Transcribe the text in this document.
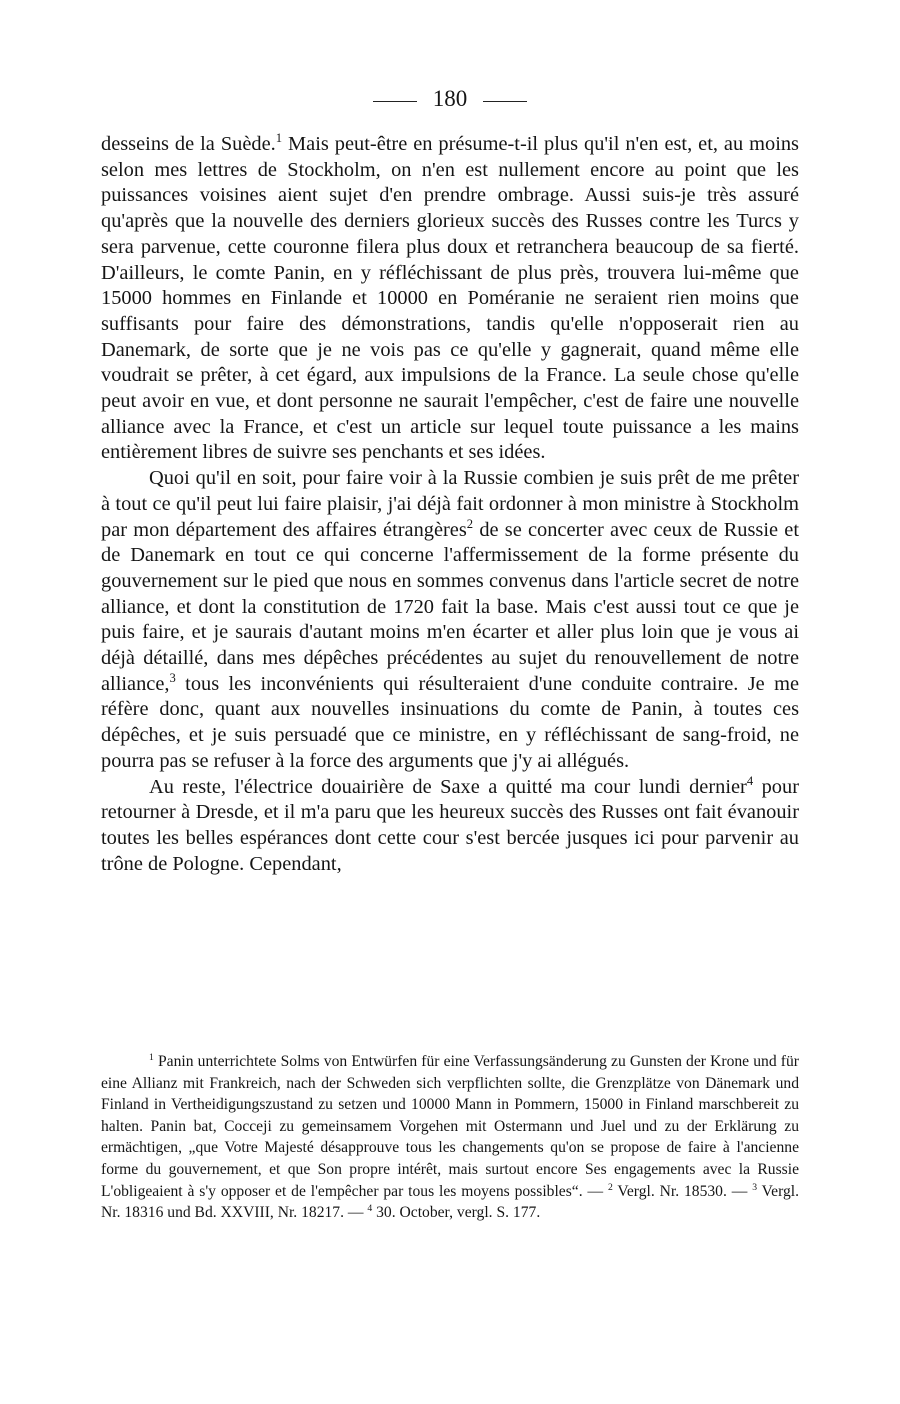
180

desseins de la Suède.$^1$ Mais peut-être en présume-t-il plus qu'il n'en est, et, au moins selon mes lettres de Stockholm, on n'en est nullement encore au point que les puissances voisines aient sujet d'en prendre ombrage. Aussi suis-je très assuré qu'après que la nouvelle des derniers glorieux succès des Russes contre les Turcs y sera parvenue, cette couronne filera plus doux et retranchera beaucoup de sa fierté. D'ailleurs, le comte Panin, en y réfléchissant de plus près, trouvera lui-même que 15000 hommes en Finlande et 10000 en Poméranie ne seraient rien moins que suffisants pour faire des démonstrations, tandis qu'elle n'opposerait rien au Danemark, de sorte que je ne vois pas ce qu'elle y gagnerait, quand même elle voudrait se prêter, à cet égard, aux impulsions de la France. La seule chose qu'elle peut avoir en vue, et dont personne ne saurait l'empêcher, c'est de faire une nouvelle alliance avec la France, et c'est un article sur lequel toute puissance a les mains entièrement libres de suivre ses penchants et ses idées.

Quoi qu'il en soit, pour faire voir à la Russie combien je suis prêt de me prêter à tout ce qu'il peut lui faire plaisir, j'ai déjà fait ordonner à mon ministre à Stockholm par mon département des affaires étrangères$^2$ de se concerter avec ceux de Russie et de Danemark en tout ce qui concerne l'affermissement de la forme présente du gouvernement sur le pied que nous en sommes convenus dans l'article secret de notre alliance, et dont la constitution de 1720 fait la base. Mais c'est aussi tout ce que je puis faire, et je saurais d'autant moins m'en écarter et aller plus loin que je vous ai déjà détaillé, dans mes dépêches précédentes au sujet du renouvellement de notre alliance,$^3$ tous les inconvénients qui résulteraient d'une conduite contraire. Je me réfère donc, quant aux nouvelles insinuations du comte de Panin, à toutes ces dépêches, et je suis persuadé que ce ministre, en y réfléchissant de sang-froid, ne pourra pas se refuser à la force des arguments que j'y ai allégués.

Au reste, l'électrice douairière de Saxe a quitté ma cour lundi dernier$^4$ pour retourner à Dresde, et il m'a paru que les heureux succès des Russes ont fait évanouir toutes les belles espérances dont cette cour s'est bercée jusques ici pour parvenir au trône de Pologne. Cependant,

$^1$ Panin unterrichtete Solms von Entwürfen für eine Verfassungsänderung zu Gunsten der Krone und für eine Allianz mit Frankreich, nach der Schweden sich verpflichten sollte, die Grenzplätze von Dänemark und Finland in Vertheidigungszustand zu setzen und 10000 Mann in Pommern, 15000 in Finland marschbereit zu halten. Panin bat, Cocceji zu gemeinsamem Vorgehen mit Ostermann und Juel und zu der Erklärung zu ermächtigen, „que Votre Majesté désapprouve tous les changements qu'on se propose de faire à l'ancienne forme du gouvernement, et que Son propre intérêt, mais surtout encore Ses engagements avec la Russie L'obligeaient à s'y opposer et de l'empêcher par tous les moyens possibles“. — $^2$ Vergl. Nr. 18530. — $^3$ Vergl. Nr. 18316 und Bd. XXVIII, Nr. 18217. — $^4$ 30. October, vergl. S. 177.
